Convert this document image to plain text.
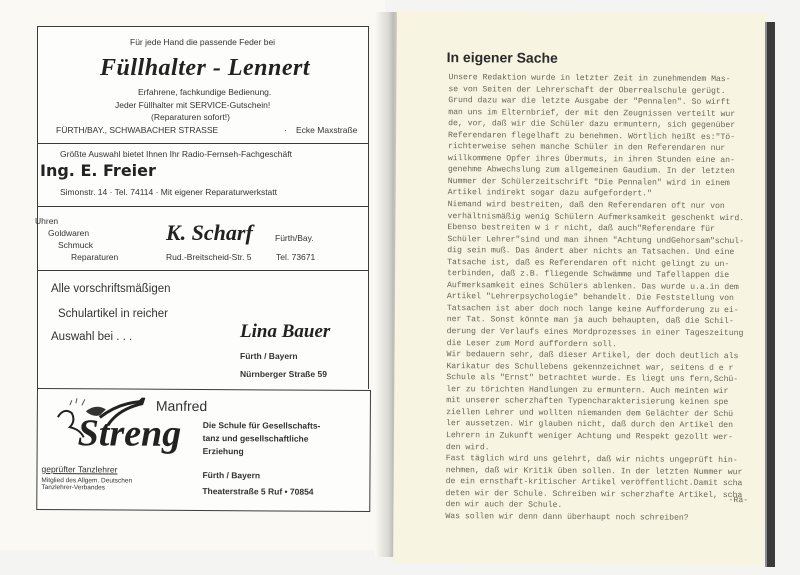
Für jede Hand die passende Feder bei
Füllhalter - Lennert
Erfahrene, fachkundige Bedienung.
Jeder Füllhalter mit SERVICE-Gutschein!
(Reparaturen sofort!)
FÜRTH/BAY., SCHWABACHER STRASSE	· Ecke Maxstraße
Größte Auswahl bietet Ihnen Ihr Radio-Fernseh-Fachgeschäft
Ing. E. Freier
Simonstr. 14 · Tel. 74114 · Mit eigener Reparaturwerkstatt
Uhren
Goldwaren
Schmuck
Reparaturen
K. Scharf	Fürth/Bay.
Rud.-Breitscheid-Str. 5	Tel. 73671
Alle vorschriftsmäßigen
Schulartikel in reicher
Auswahl bei . . .	Lina Bauer
Fürth / Bayern
Nürnberger Straße 59
Manfred
Streng
geprüfter Tanzlehrer
Mitglied des Allgem. Deutschen
Tanzlehrer-Verbandes
Die Schule für Gesellschafts-
tanz und gesellschaftliche
Erziehung
Fürth / Bayern
Theaterstraße 5 Ruf • 70854
In eigener Sache
Unsere Redaktion wurde in letzter Zeit in zunehmendem Mas-
se von Seiten der Lehrerschaft der Oberrealschule gerügt.
Grund dazu war die letzte Ausgabe der "Pennalen". So wirft
man uns im Elternbrief, der mit den Zeugnissen verteilt wur
de, vor, daß wir die Schüler dazu ermuntern, sich gegenüber
Referendaren flegelhaft zu benehmen. Wörtlich heißt es:"Tö-
richterweise sehen manche Schüler in den Referendaren nur
willkommene Opfer ihres Übermuts, in ihren Stunden eine an-
genehme Abwechslung zum allgemeinen Gaudium. In der letzten
Nummer der Schülerzeitschrift "Die Pennalen" wird in einem
Artikel indirekt sogar dazu aufgefordert."
Niemand wird bestreiten, daß den Referendaren oft nur von
verhältnismäßig wenig Schülern Aufmerksamkeit geschenkt wird.
Ebenso bestreiten w i r nicht, daß auch"Referendare für
Schüler Lehrer"sind und man ihnen "Achtung undGehorsam"schul-
dig sein muß. Das ändert aber nichts an Tatsachen. Und eine
Tatsache ist, daß es Referendaren oft nicht gelingt zu un-
terbinden, daß z.B. fliegende Schwämme und Tafellappen die
Aufmerksamkeit eines Schülers ablenken. Das wurde u.a.in dem
Artikel "Lehrerpsychologie" behandelt. Die Feststellung von
Tatsachen ist aber doch noch lange keine Aufforderung zu ei-
ner Tat. Sonst könnte man ja auch behaupten, daß die Schil-
derung der Verlaufs eines Mordprozesses in einer Tageszeitung
die Leser zum Mord auffordern soll.
Wir bedauern sehr, daß dieser Artikel, der doch deutlich als
Karikatur des Schullebens gekennzeichnet war, seitens d e r
Schule als "Ernst" betrachtet wurde. Es liegt uns fern,Schü-
ler zu törichten Handlungen zu ermuntern. Auch meinten wir
mit unserer scherzhaften Typencharakterisierung keinen spe
ziellen Lehrer und wollten niemanden dem Gelächter der Schü
ler aussetzen. Wir glauben nicht, daß durch den Artikel den
Lehrern in Zukunft weniger Achtung und Respekt gezollt wer-
den wird.
Fast täglich wird uns gelehrt, daß wir nichts ungeprüft hin-
nehmen, daß wir Kritik üben sollen. In der letzten Nummer wur
de ein ernsthaft-kritischer Artikel veröffentlicht.Damit scha
deten wir der Schule. Schreiben wir scherzhafte Artikel, scha
den wir auch der Schule.
Was sollen wir denn dann überhaupt noch schreiben?
-Ra-
